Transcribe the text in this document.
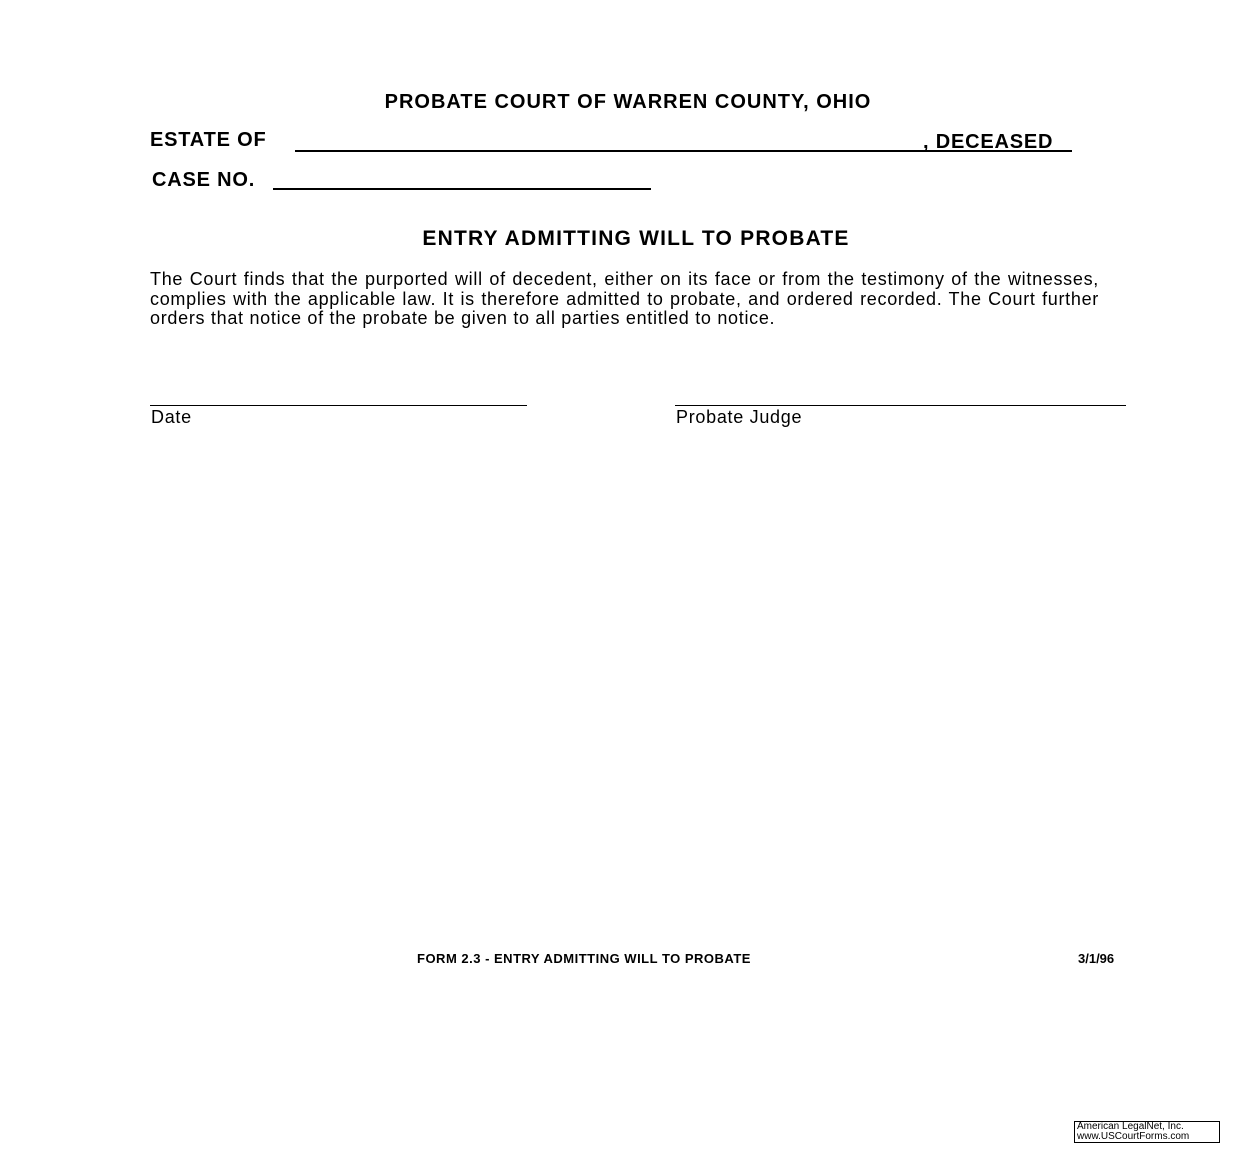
PROBATE COURT OF WARREN COUNTY, OHIO
ESTATE OF	, DECEASED
CASE NO.
ENTRY ADMITTING WILL TO PROBATE

The Court finds that the purported will of decedent, either on its face or from the testimony of the witnesses, complies with the applicable law. It is therefore admitted to probate, and ordered recorded. The Court further orders that notice of the probate be given to all parties entitled to notice.

Date	Probate Judge
FORM 2.3 - ENTRY ADMITTING WILL TO PROBATE	3/1/96
American LegalNet, Inc.
www.USCourtForms.com
